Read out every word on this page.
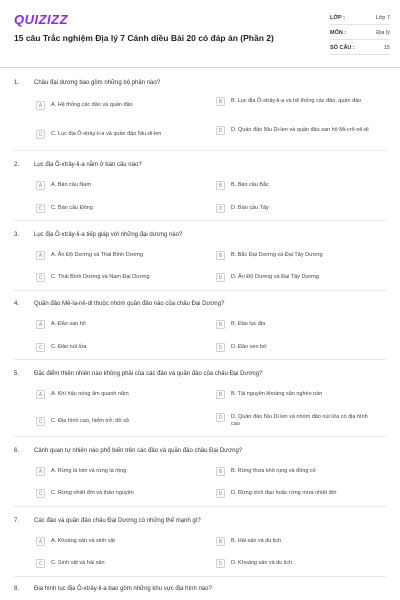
QUIZIZZ
15 câu Trắc nghiệm Địa lý 7 Cánh diều Bài 20 có đáp án (Phần 2)
LỚP :	Lớp 7
MÔN :	Địa lý
SỐ CÂU :	15
1.	Châu đại dương bao gồm những bộ phận nào?
A	A. Hệ thống các đảo và quần đảo
B	B. Lục địa Ô-xtrây-li-a và hệ thống các đảo, quần đảo
C	C. Lục địa Ô-xtrây-li-a và quần đảo Niu-di-len
D	D. Quần đảo Niu Di-len và quần đảo san hô Mi-crô-nê-di
2.	Lục địa Ô-xtrây-li-a nằm ở bán cầu nào?
A	A. Bán cầu Nam	B	B. Bán cầu Bắc
C	C. Bán cầu Đông	D	D. Bán cầu Tây
3.	Lục địa Ô-xtrây-li-a tiếp giáp với những đại dương nào?
A	A. Ấn Độ Dương và Thái Bình Dương	B	B. Bắc Đại Dương và Đại Tây Dương
C	C. Thái Bình Dương và Nam Đại Dương	D	D. Ấn Độ Dương và Đại Tây Dương
4.	Quần đảo Mê-la-nê-di thuộc nhóm quần đảo nào của châu Đại Dương?
A	A. Đảo san hô	B	B. Đảo lục địa
C	C. Đảo núi lửa	D	D. Đảo ven bờ
5.	Đặc điểm thiên nhiên nào không phải của các đảo và quần đảo của châu Đại Dương?
A	A. Khí hậu nóng ẩm quanh năm	B	B. Tài nguyên khoáng sản nghèo nàn
C	C. Địa hình cao, hiểm trở, đồ sộ
D	D. Quần đảo Niu Di len và nhóm đảo núi lửa có địa hình cao
6.	Cảnh quan tự nhiên nào phổ biến trên các đảo và quần đảo châu Đại Dương?
A	A. Rừng lá kim và rừng lá rộng	B	B. Rừng thưa khô rụng và đồng cỏ
C	C. Rừng nhiệt đới và thảo nguyên	D	D. Rừng xích đạo hoặc rừng mưa nhiệt đới
7.	Các đảo và quần đảo châu Đại Dương có những thế mạnh gì?
A	A. Khoáng sản và sinh vật	B	B. Hải sản và du lịch
C	C. Sinh vật và hải sản	D	D. Khoáng sản và du lịch
8.	Địa hình lục địa Ô-xtrây-li-a bao gồm những khu vực địa hình nào?
